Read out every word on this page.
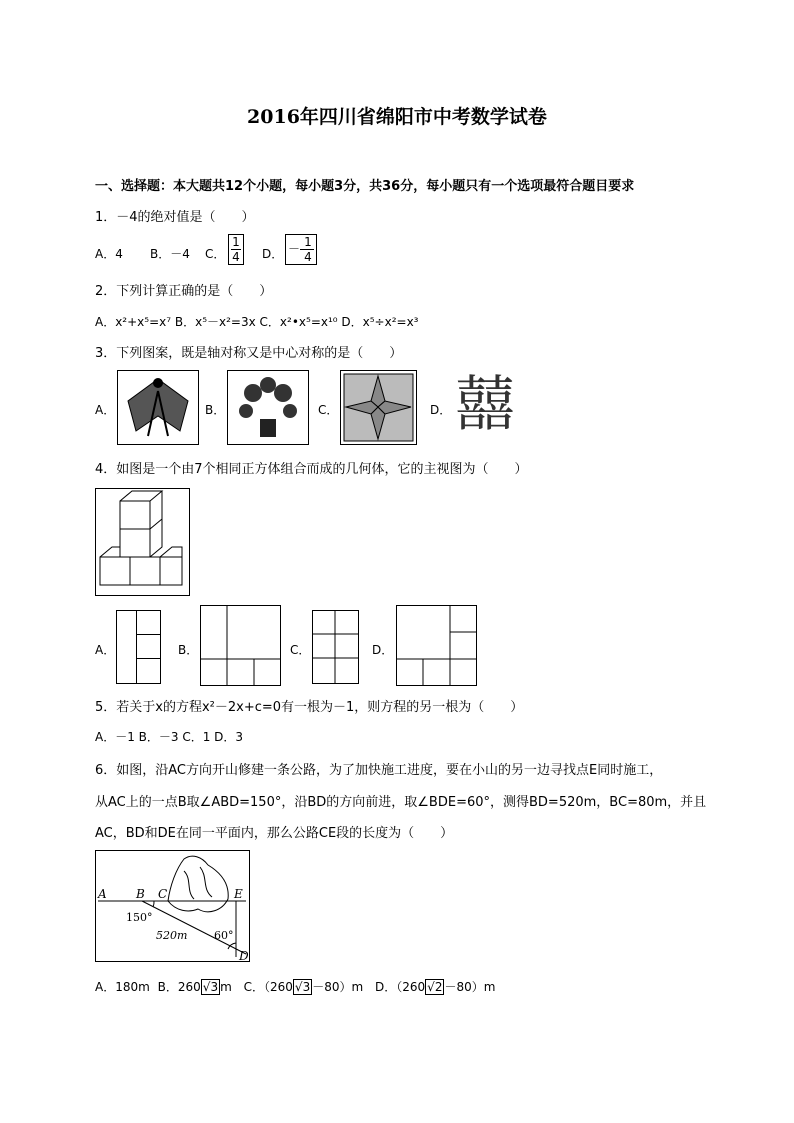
2016年四川省绵阳市中考数学试卷
一、选择题：本大题共12个小题，每小题3分，共36分，每小题只有一个选项最符合题目要求
1．－4的绝对值是（　　）
A．4 B．－4 C．
1
4 D． － 1
4
2．下列计算正确的是（　　）
A．x²+x⁵=x⁷ B．x⁵－x²=3x C．x²•x⁵=x¹⁰ D．x⁵÷x²=x³
3．下列图案，既是轴对称又是中心对称的是（　　）
A．	B．	C．	D． 囍
4．如图是一个由7个相同正方体组合而成的几何体，它的主视图为（　　）
A．	B．	C．	D．
5．若关于x的方程x²－2x+c=0有一根为－1，则方程的另一根为（　　）
A．－1 B．－3 C．1 D．3
6．如图，沿AC方向开山修建一条公路，为了加快施工进度，要在小山的另一边寻找点E同时施工，
从AC上的一点B取∠ABD=150°，沿BD的方向前进，取∠BDE=60°，测得BD=520m，BC=80m，并且
AC，BD和DE在同一平面内，那么公路CE段的长度为（　　）
A B C	E
D
150°
520m 60°
A．180m B．260 √3 m C．（260 √3 －80）m D．（260 √2 －80）m
